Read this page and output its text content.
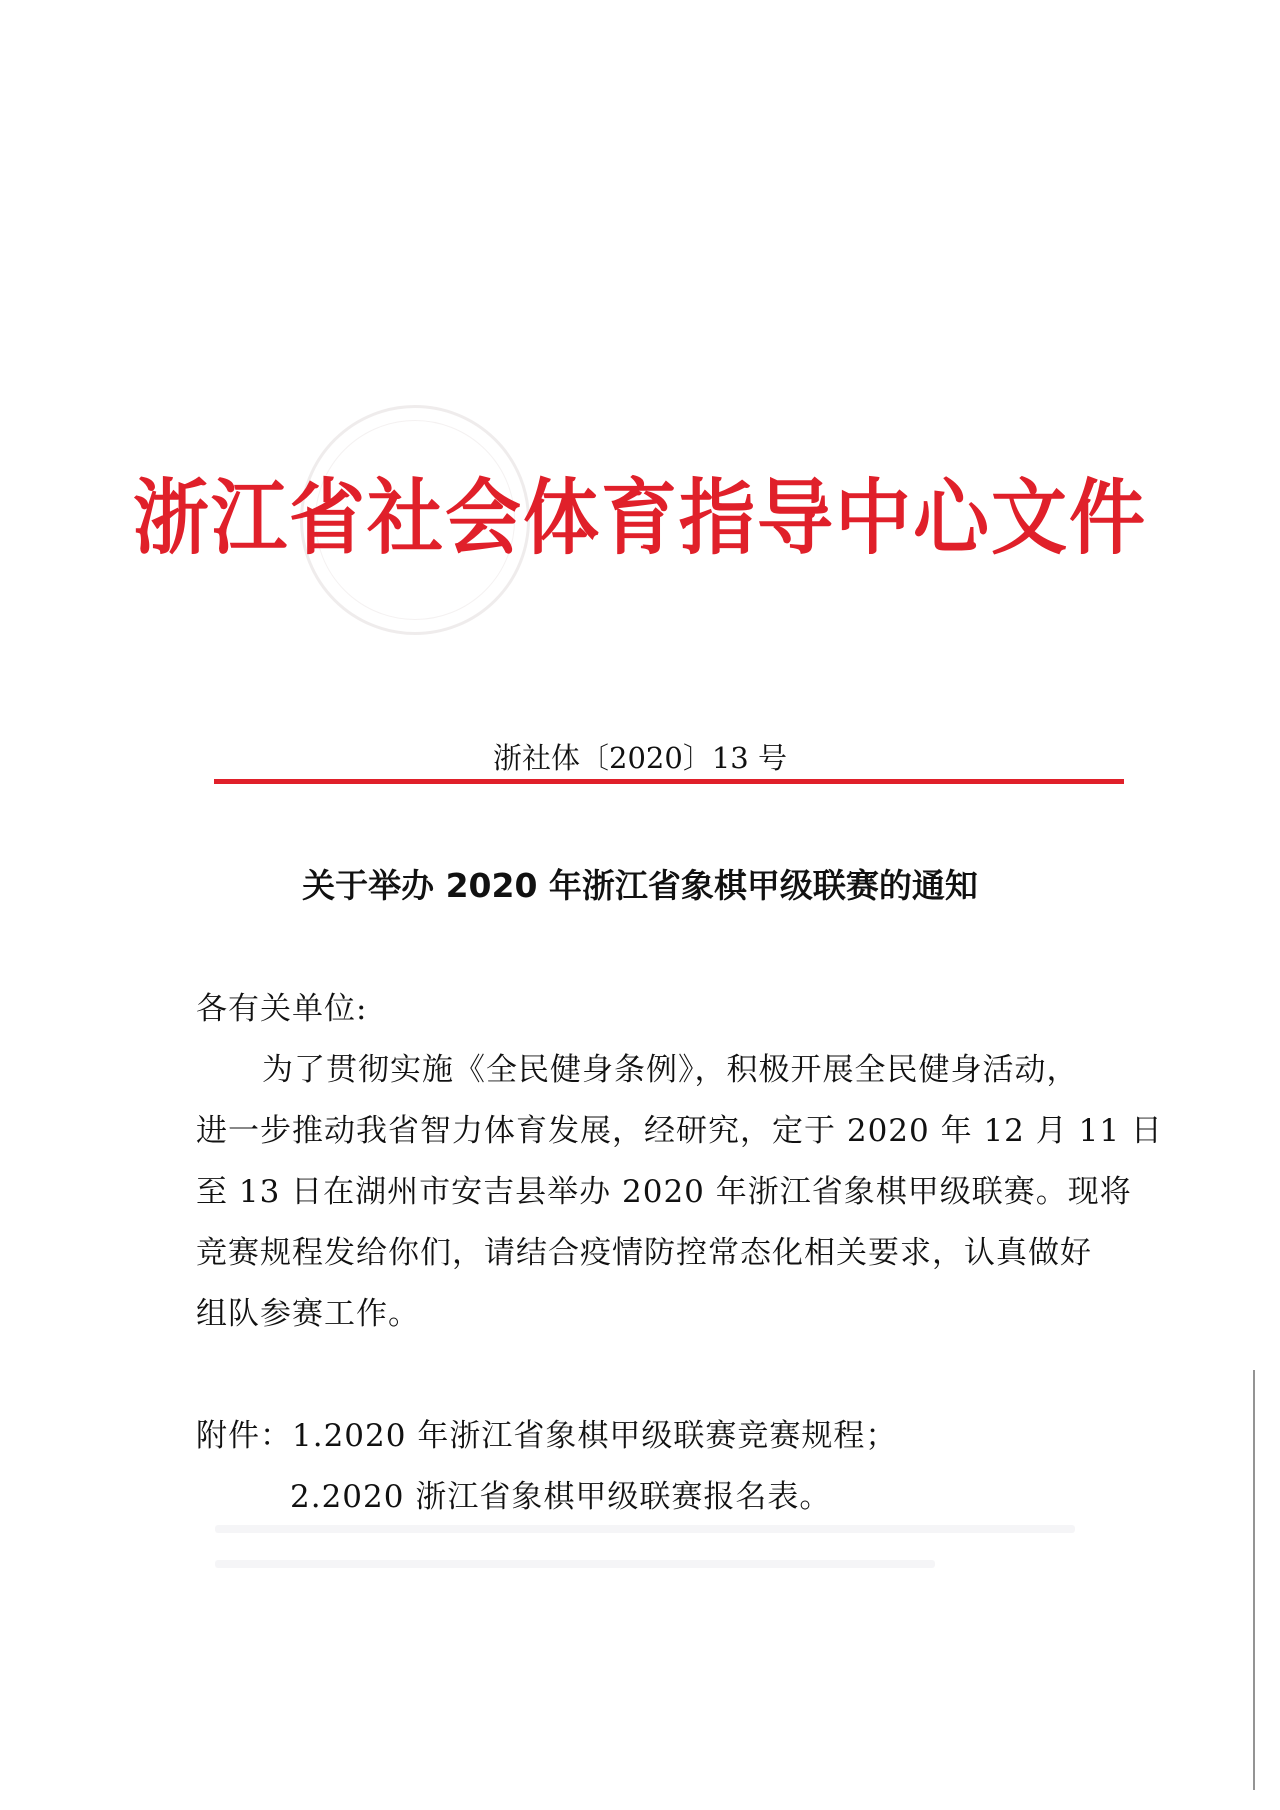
浙江省社会体育指导中心文件
浙社体〔2020〕13 号
关于举办 2020 年浙江省象棋甲级联赛的通知
各有关单位:
为了贯彻实施《全民健身条例》，积极开展全民健身活动，
进一步推动我省智力体育发展，经研究，定于 2020 年 12 月 11 日
至 13 日在湖州市安吉县举办 2020 年浙江省象棋甲级联赛。现将
竞赛规程发给你们，请结合疫情防控常态化相关要求，认真做好
组队参赛工作。
附件：1.2020 年浙江省象棋甲级联赛竞赛规程；
2.2020 浙江省象棋甲级联赛报名表。
